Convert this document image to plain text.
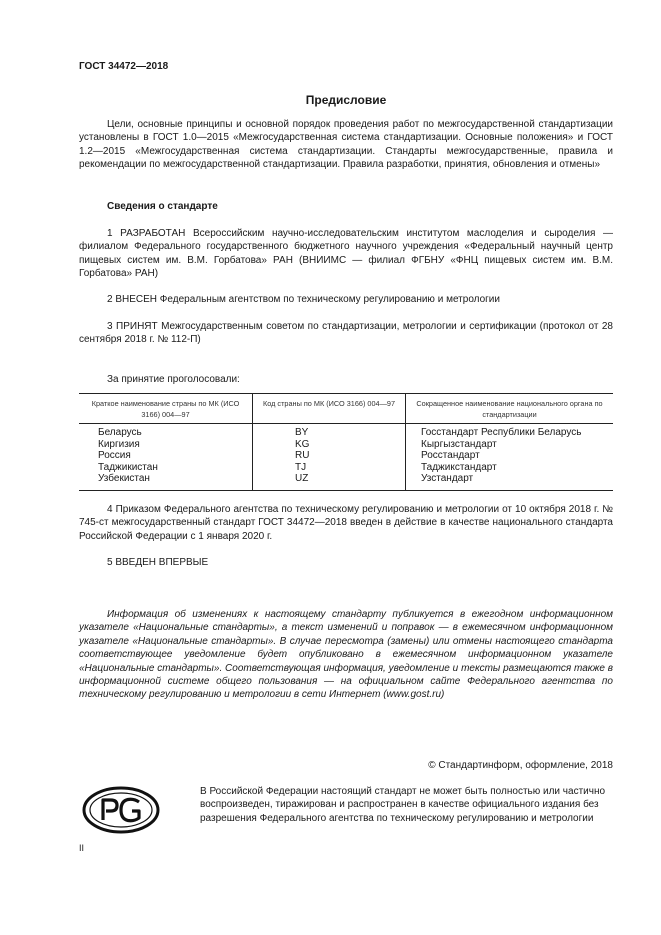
ГОСТ 34472—2018
Предисловие

Цели, основные принципы и основной порядок проведения работ по межгосударственной стандартизации установлены в ГОСТ 1.0—2015 «Межгосударственная система стандартизации. Основные положения» и ГОСТ 1.2—2015 «Межгосударственная система стандартизации. Стандарты межгосударственные, правила и рекомендации по межгосударственной стандартизации. Правила разработки, принятия, обновления и отмены»

Сведения о стандарте

1 РАЗРАБОТАН Всероссийским научно-исследовательским институтом маслоделия и сыроделия — филиалом Федерального государственного бюджетного научного учреждения «Федеральный научный центр пищевых систем им. В.М. Горбатова» РАН (ВНИИМС — филиал ФГБНУ «ФНЦ пищевых систем им. В.М. Горбатова» РАН)

2 ВНЕСЕН Федеральным агентством по техническому регулированию и метрологии

3 ПРИНЯТ Межгосударственным советом по стандартизации, метрологии и сертификации (протокол от 28 сентября 2018 г. № 112-П)

За принятие проголосовали:
Краткое наименование страны по МК (ИСО 3166) 004—97	Код страны по МК (ИСО 3166) 004—97	Сокращенное наименование национального органа по стандартизации
Беларусь	BY	Госстандарт Республики Беларусь
Киргизия	KG	Кыргызстандарт
Россия	RU	Росстандарт
Таджикистан	TJ	Таджикстандарт
Узбекистан	UZ	Узстандарт

4 Приказом Федерального агентства по техническому регулированию и метрологии от 10 октября 2018 г. № 745-ст межгосударственный стандарт ГОСТ 34472—2018 введен в действие в качестве национального стандарта Российской Федерации с 1 января 2020 г.

5 ВВЕДЕН ВПЕРВЫЕ

Информация об изменениях к настоящему стандарту публикуется в ежегодном информационном указателе «Национальные стандарты», а текст изменений и поправок — в ежемесячном информационном указателе «Национальные стандарты». В случае пересмотра (замены) или отмены настоящего стандарта соответствующее уведомление будет опубликовано в ежемесячном информационном указателе «Национальные стандарты». Соответствующая информация, уведомление и тексты размещаются также в информационной системе общего пользования — на официальном сайте Федерального агентства по техническому регулированию и метрологии в сети Интернет (www.gost.ru)

© Стандартинформ, оформление, 2018

В Российской Федерации настоящий стандарт не может быть полностью или частично воспроизведен, тиражирован и распространен в качестве официального издания без разрешения Федерального агентства по техническому регулированию и метрологии

II
